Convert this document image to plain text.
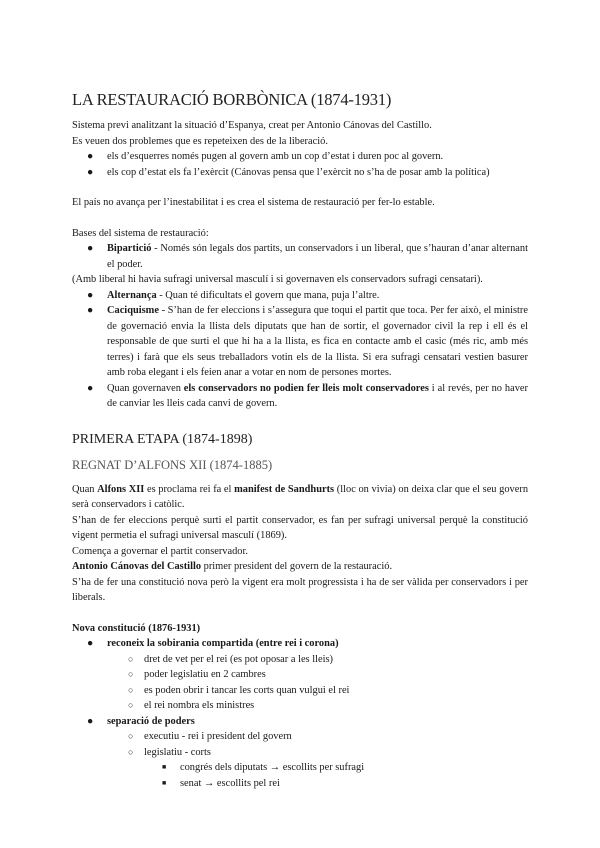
LA RESTAURACIÓ BORBÒNICA (1874-1931)

Sistema previ analitzant la situació d’Espanya, creat per Antonio Cánovas del Castillo.

Es veuen dos problemes que es repeteixen des de la liberació.

● els d’esquerres només pugen al govern amb un cop d’estat i duren poc al govern.
● els cop d’estat els fa l’exèrcit (Cánovas pensa que l’exèrcit no s’ha de posar amb la política)

El país no avança per l’inestabilitat i es crea el sistema de restauració per fer-lo estable.

Bases del sistema de restauració:

● Bipartició - Només són legals dos partits, un conservadors i un liberal, que s’hauran d’anar alternant el poder.

(Amb liberal hi havia sufragi universal masculí i si governaven els conservadors sufragi censatari).

● Alternança - Quan té dificultats el govern que mana, puja l’altre.
● Caciquisme - S’han de fer eleccions i s’assegura que toqui el partit que toca. Per fer això, el ministre de governació envia la llista dels diputats que han de sortir, el governador civil la rep i ell és el responsable de que surti el que hi ha a la llista, es fica en contacte amb el casic (més ric, amb més terres) i farà que els seus treballadors votin els de la llista. Si era sufragi censatari vestien basurer amb roba elegant i els feien anar a votar en nom de persones mortes.
● Quan governaven els conservadors no podien fer lleis molt conservadores i al revés, per no haver de canviar les lleis cada canvi de govern.
PRIMERA ETAPA (1874-1898)
REGNAT D’ALFONS XII (1874-1885)

Quan Alfons XII es proclama rei fa el manifest de Sandhurts (lloc on vivia) on deixa clar que el seu govern serà conservadors i catòlic.

S’han de fer eleccions perquè surti el partit conservador, es fan per sufragi universal perquè la constitució vigent permetia el sufragi universal masculí (1869).

Comença a governar el partit conservador.

Antonio Cánovas del Castillo primer president del govern de la restauració.

S’ha de fer una constitució nova però la vigent era molt progressista i ha de ser vàlida per conservadors i per liberals.

Nova constitució (1876-1931)

● reconeix la sobirania compartida (entre rei i corona)
○ dret de vet per el rei (es pot oposar a les lleis)
○ poder legislatiu en 2 cambres
○ es poden obrir i tancar les corts quan vulgui el rei
○ el rei nombra els ministres
● separació de poders
○ executiu - rei i president del govern
○ legislatiu - corts
■ congrés dels diputats → escollits per sufragi
■ senat → escollits pel rei
